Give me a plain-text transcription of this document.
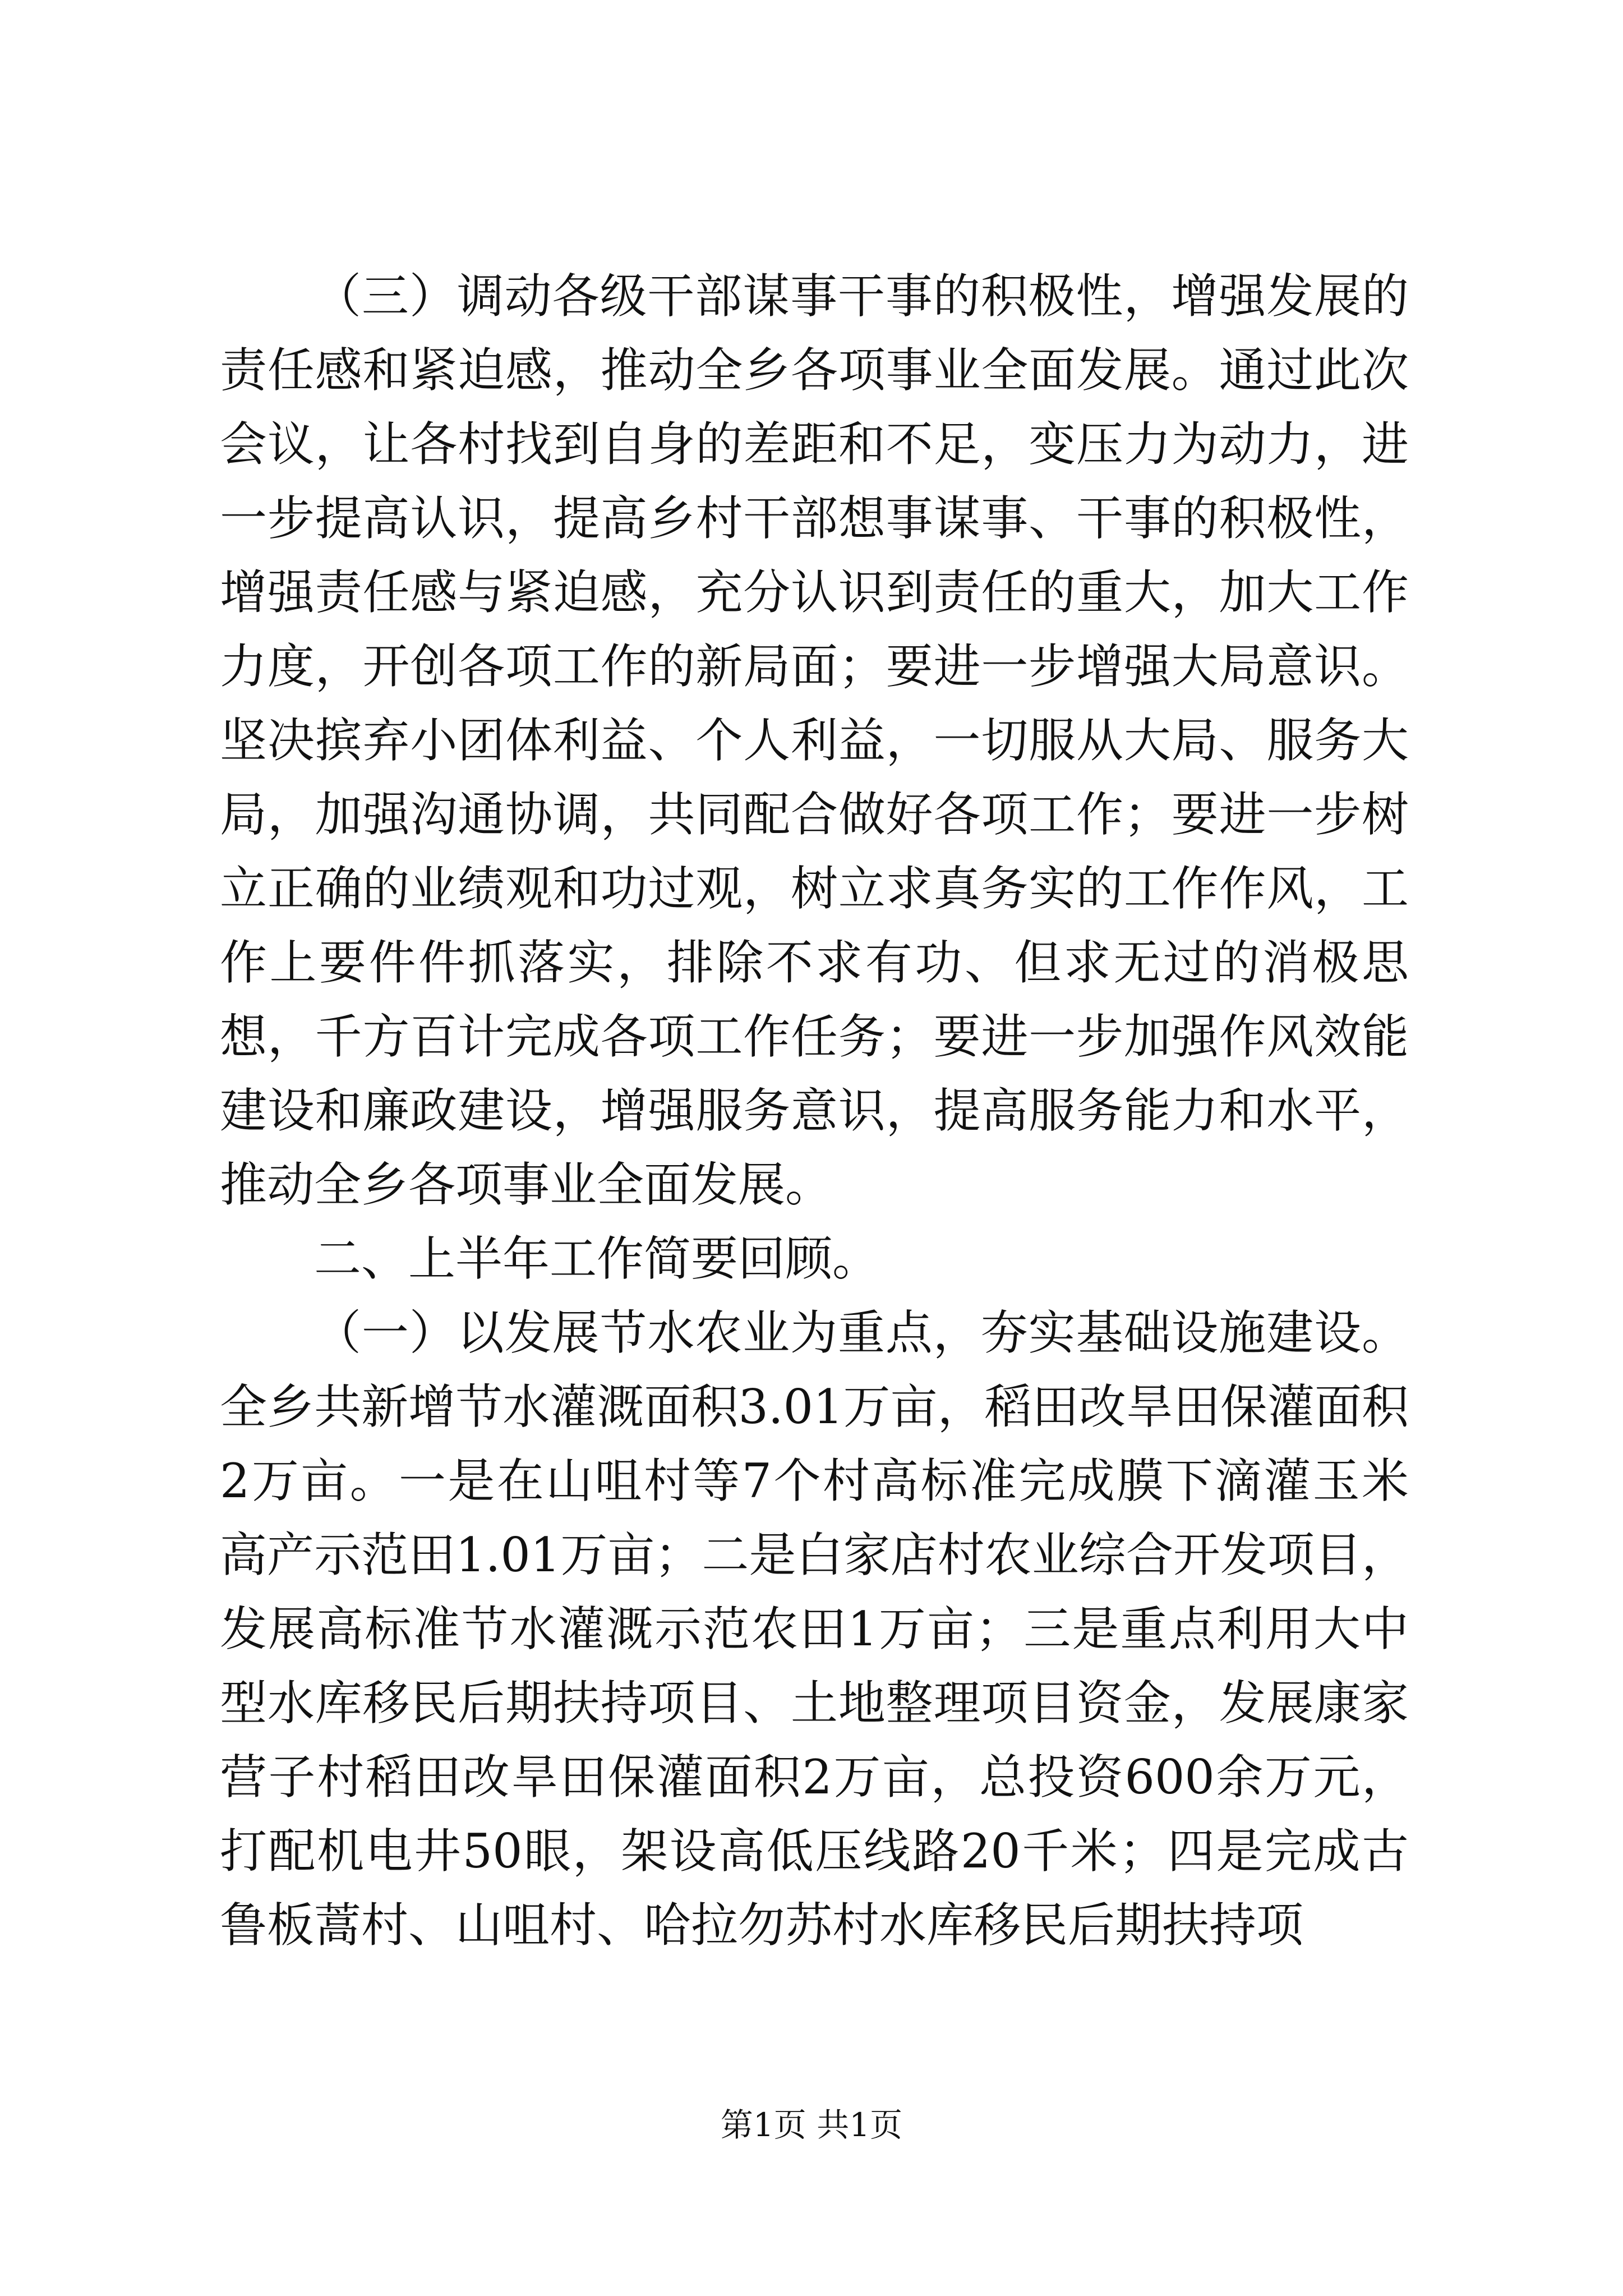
（三）调动各级干部谋事干事的积极性，增强发展的责任感和紧迫感，推动全乡各项事业全面发展。通过此次会议，让各村找到自身的差距和不足，变压力为动力，进一步提高认识，提高乡村干部想事谋事、干事的积极性，增强责任感与紧迫感，充分认识到责任的重大，加大工作力度，开创各项工作的新局面；要进一步增强大局意识。坚决摈弃小团体利益、个人利益，一切服从大局、服务大局，加强沟通协调，共同配合做好各项工作；要进一步树立正确的业绩观和功过观，树立求真务实的工作作风，工作上要件件抓落实，排除不求有功、但求无过的消极思想，千方百计完成各项工作任务；要进一步加强作风效能建设和廉政建设，增强服务意识，提高服务能力和水平，推动全乡各项事业全面发展。

二、上半年工作简要回顾。

（一）以发展节水农业为重点，夯实基础设施建设。全乡共新增节水灌溉面积3.01万亩，稻田改旱田保灌面积2万亩。一是在山咀村等7个村高标准完成膜下滴灌玉米高产示范田1.01万亩；二是白家店村农业综合开发项目，发展高标准节水灌溉示范农田1万亩；三是重点利用大中型水库移民后期扶持项目、土地整理项目资金，发展康家营子村稻田改旱田保灌面积2万亩，总投资600余万元，打配机电井50眼，架设高低压线路20千米；四是完成古鲁板蒿村、山咀村、哈拉勿苏村水库移民后期扶持项

第1页 共1页
